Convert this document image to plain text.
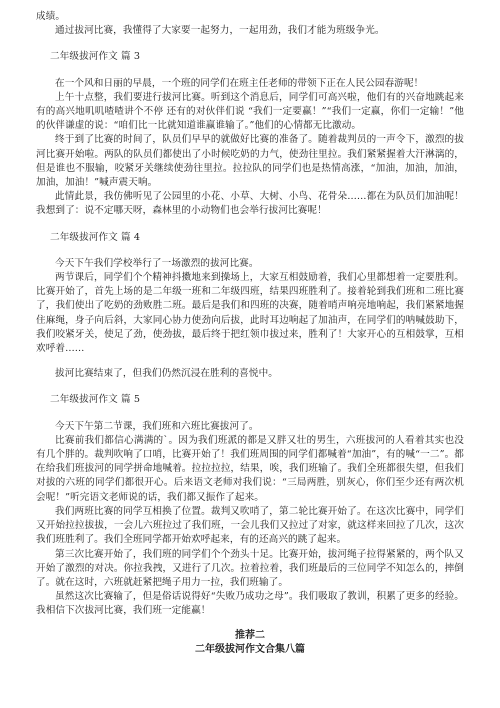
成绩。

通过拔河比赛，我懂得了大家要一起努力，一起用劲，我们才能为班级争光。

二年级拔河作文 篇 3

在一个风和日丽的早晨，一个班的同学们在班主任老师的带领下正在人民公园春游呢！

上午十点整，我们要进行拔河比赛。听到这个消息后，同学们可高兴啦，他们有的兴奋地跳起来有的高兴地叽叽喳喳讲个不停 还有的对伙伴们说 “我们一定要赢！”“我们一定赢，你们一定输！”他的伙伴谦虚的说：“咱们比一比就知道谁赢谁输了。”他们的心情都无比激动。

终于到了比赛的时间了，队员们早早的就做好比赛的准备了。随着裁判员的一声令下，激烈的拔河比赛开始啦。两队的队员们都使出了小时候吃奶的力气，使劲往里拉。我们紧紧握着大汗淋漓的，但是谁也不服输，咬紧牙关继续使劲往里拉。拉拉队的同学们也是热情高涨，“加油，加油，加油，加油，加油！”喊声震天响。

此情此景，我仿佛听见了公园里的小花、小草、大树、小鸟、花骨朵……都在为队员们加油呢！我想到了：说不定哪天呀，森林里的小动物们也会举行拔河比赛呢！

二年级拔河作文 篇 4

今天下午我们学校举行了一场激烈的拔河比赛。

两节课后，同学们个个精神抖擞地来到操场上，大家互相鼓励着，我们心里都想着一定要胜利。比赛开始了，首先上场的是二年级一班和二年级四班，结果四班胜利了。接着轮到我们班和二班比赛了，我们使出了吃奶的劲败胜二班。最后是我们和四班的决赛，随着哨声响亮地响起，我们紧紧地握住麻绳，身子向后斜，大家同心协力使劲向后拔，此时耳边响起了加油声，在同学们的呐喊鼓助下，我们咬紧牙关，使足了劲，使劲拔，最后终于把红领巾拔过来，胜利了！大家开心的互相鼓掌，互相欢呼着……

拔河比赛结束了，但我们仍然沉浸在胜利的喜悦中。

二年级拔河作文 篇 5

今天下午第二节课，我们班和六班比赛拔河了。

比赛前我们都信心满满的`。因为我们班派的都是又胖又壮的男生，六班拔河的人看着其实也没有几个胖的。裁判吹响了口哨，比赛开始了！我们班周围的同学们都喊着“加油”，有的喊“一二”。都在给我们班拔河的同学拼命地喊着。拉拉拉拉，结果，唉，我们班输了。我们全班都很失望，但我们对拔的六班的同学们都很开心。后来语文老师对我们说：“三局两胜，别灰心，你们至少还有两次机会呢！”听完语文老师说的话，我们都又振作了起来。

我们两班比赛的同学互相换了位置。裁判又吹哨了，第二轮比赛开始了。在这次比赛中，同学们又开始拉拉拔拔，一会儿六班拉过了我们班，一会儿我们又拉过了对家，就这样来回拉了几次，这次我们班胜利了。我们全班同学都开始欢呼起来，有的还高兴的跳了起来。

第三次比赛开始了，我们班的同学们个个劲头十足。比赛开始，拔河绳子拉得紧紧的，两个队又开始了激烈的对决。你拉我拽，又进行了几次。拉着拉着，我们班最后的三位同学不知怎么的，摔倒了。就在这时，六班就赶紧把绳子用力一拉，我们班输了。

虽然这次比赛输了，但是俗话说得好“失败乃成功之母”。我们吸取了教训，积累了更多的经验。我相信下次拔河比赛，我们班一定能赢！

推荐二
二年级拔河作文合集八篇
